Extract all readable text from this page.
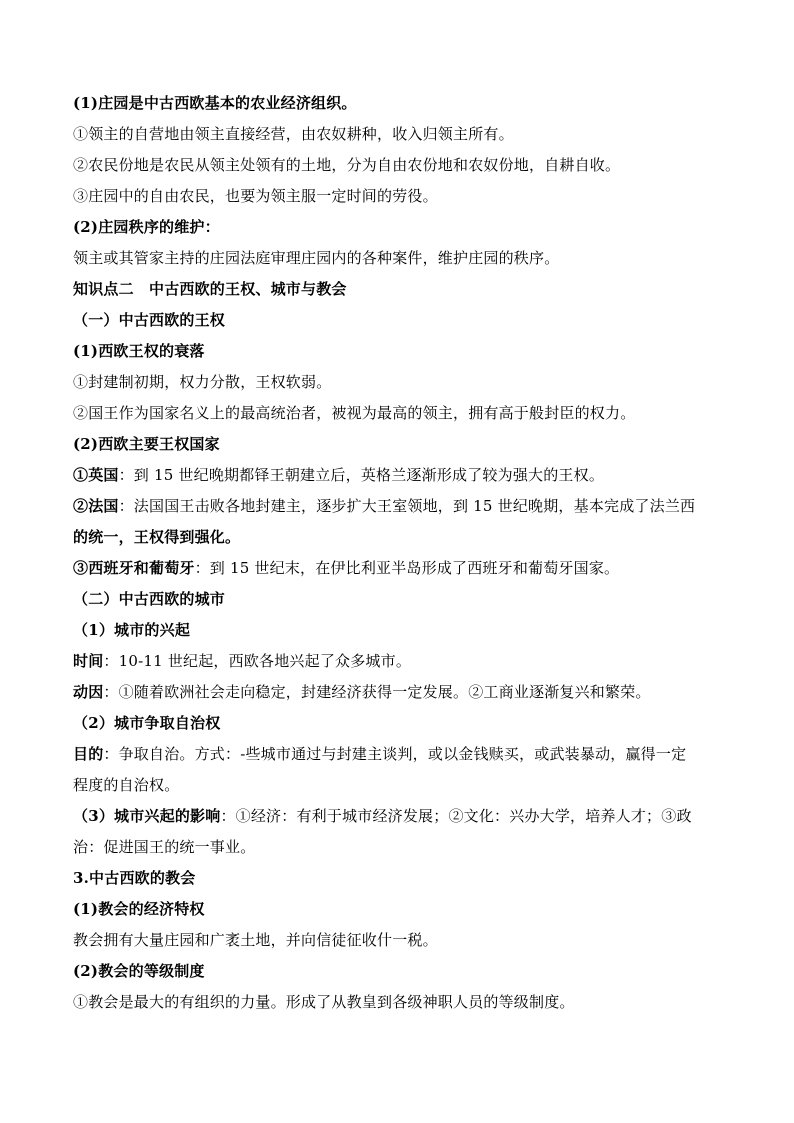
(1)庄园是中古西欧基本的农业经济组织。
①领主的自营地由领主直接经营，由农奴耕种，收入归领主所有。
②农民份地是农民从领主处领有的土地，分为自由农份地和农奴份地，自耕自收。
③庄园中的自由农民，也要为领主服一定时间的劳役。
(2)庄园秩序的维护：
领主或其管家主持的庄园法庭审理庄园内的各种案件，维护庄园的秩序。
知识点二　中古西欧的王权、城市与教会
（一）中古西欧的王权
(1)西欧王权的衰落
①封建制初期，权力分散，王权软弱。
②国王作为国家名义上的最高统治者，被视为最高的领主，拥有高于般封臣的权力。
(2)西欧主要王权国家
①英国：到 15 世纪晚期都铎王朝建立后，英格兰逐渐形成了较为强大的王权。
②法国：法国国王击败各地封建主，逐步扩大王室领地，到 15 世纪晚期，基本完成了法兰西
的统一，王权得到强化。
③西班牙和葡萄牙：到 15 世纪末，在伊比利亚半岛形成了西班牙和葡萄牙国家。
（二）中古西欧的城市
（1）城市的兴起
时间：10-11 世纪起，西欧各地兴起了众多城市。
动因：①随着欧洲社会走向稳定，封建经济获得一定发展。②工商业逐渐复兴和繁荣。
（2）城市争取自治权
目的：争取自治。方式：-些城市通过与封建主谈判，或以金钱赎买，或武装暴动，赢得一定
程度的自治权。
（3）城市兴起的影响：①经济：有利于城市经济发展；②文化：兴办大学，培养人才；③政
治：促进国王的统一事业。
3.中古西欧的教会
(1)教会的经济特权
教会拥有大量庄园和广袤土地，并向信徒征收什一税。
(2)教会的等级制度
①教会是最大的有组织的力量。形成了从教皇到各级神职人员的等级制度。
